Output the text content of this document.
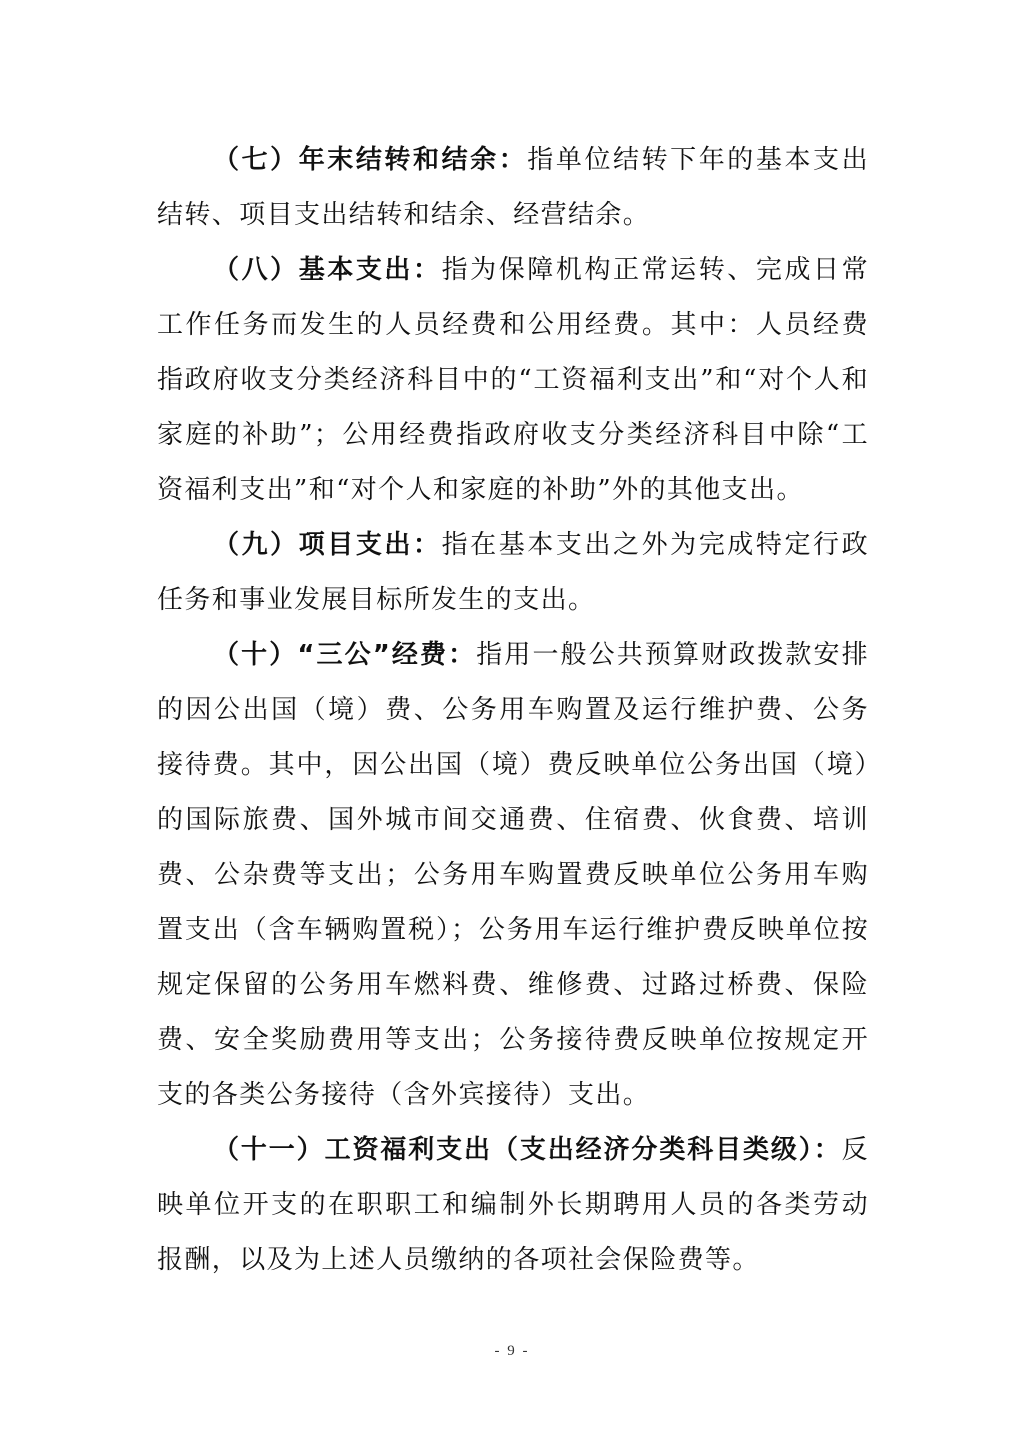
（七）年末结转和结余：指单位结转下年的基本支出结转、项目支出结转和结余、经营结余。

（八）基本支出：指为保障机构正常运转、完成日常工作任务而发生的人员经费和公用经费。其中：人员经费指政府收支分类经济科目中的“工资福利支出”和“对个人和家庭的补助”；公用经费指政府收支分类经济科目中除“工资福利支出”和“对个人和家庭的补助”外的其他支出。

（九）项目支出：指在基本支出之外为完成特定行政任务和事业发展目标所发生的支出。

（十）“三公”经费：指用一般公共预算财政拨款安排的因公出国（境）费、公务用车购置及运行维护费、公务接待费。其中，因公出国（境）费反映单位公务出国（境）的国际旅费、国外城市间交通费、住宿费、伙食费、培训费、公杂费等支出；公务用车购置费反映单位公务用车购置支出（含车辆购置税）；公务用车运行维护费反映单位按规定保留的公务用车燃料费、维修费、过路过桥费、保险费、安全奖励费用等支出；公务接待费反映单位按规定开支的各类公务接待（含外宾接待）支出。

（十一）工资福利支出（支出经济分类科目类级）：反映单位开支的在职职工和编制外长期聘用人员的各类劳动报酬，以及为上述人员缴纳的各项社会保险费等。

- 9 -
